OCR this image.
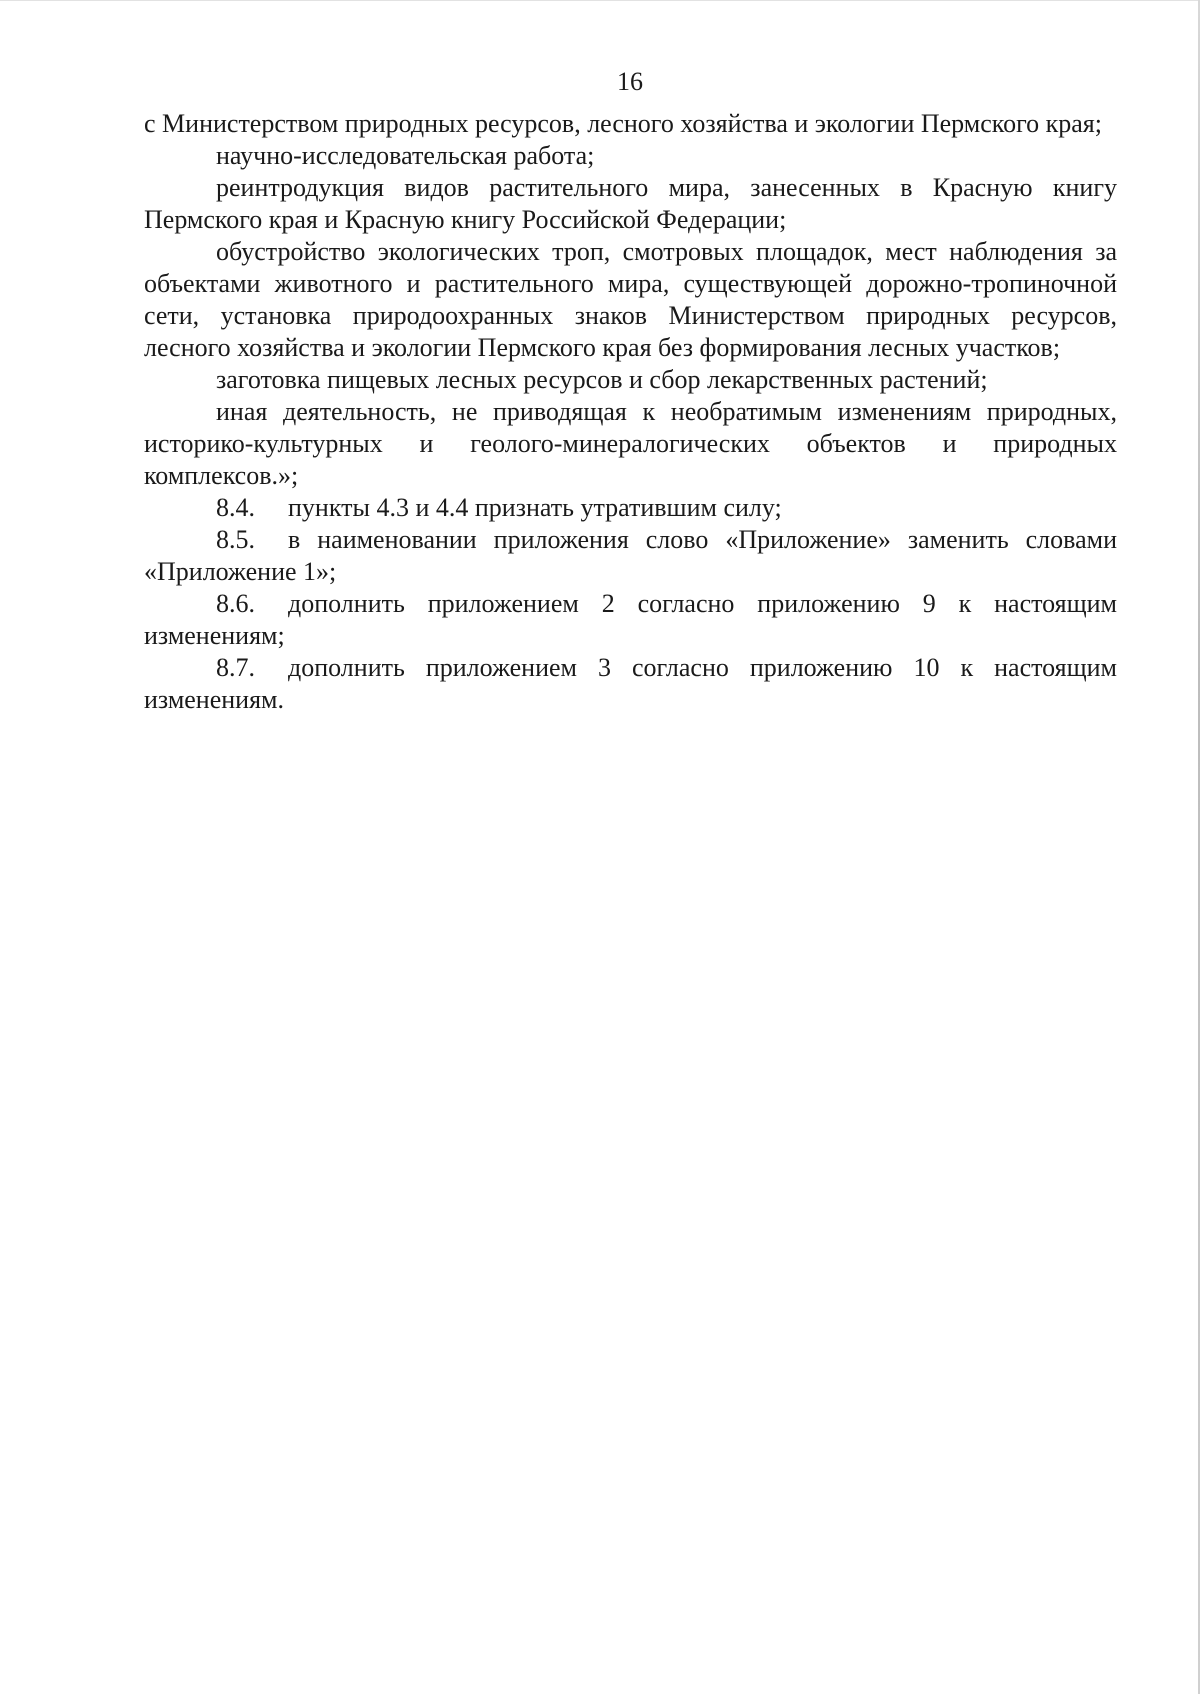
16

с Министерством природных ресурсов, лесного хозяйства и экологии Пермского края;

научно-исследовательская работа;

реинтродукция видов растительного мира, занесенных в Красную книгу Пермского края и Красную книгу Российской Федерации;

обустройство экологических троп, смотровых площадок, мест наблюдения за объектами животного и растительного мира, существующей дорожно-тропиночной сети, установка природоохранных знаков Министерством природных ресурсов, лесного хозяйства и экологии Пермского края без формирования лесных участков;

заготовка пищевых лесных ресурсов и сбор лекарственных растений;

иная деятельность, не приводящая к необратимым изменениям природных, историко-культурных и геолого-минералогических объектов и природных комплексов.»;

8.4. пункты 4.3 и 4.4 признать утратившим силу;

8.5. в наименовании приложения слово «Приложение» заменить словами «Приложение 1»;

8.6. дополнить приложением 2 согласно приложению 9 к настоящим изменениям;

8.7. дополнить приложением 3 согласно приложению 10 к настоящим изменениям.
